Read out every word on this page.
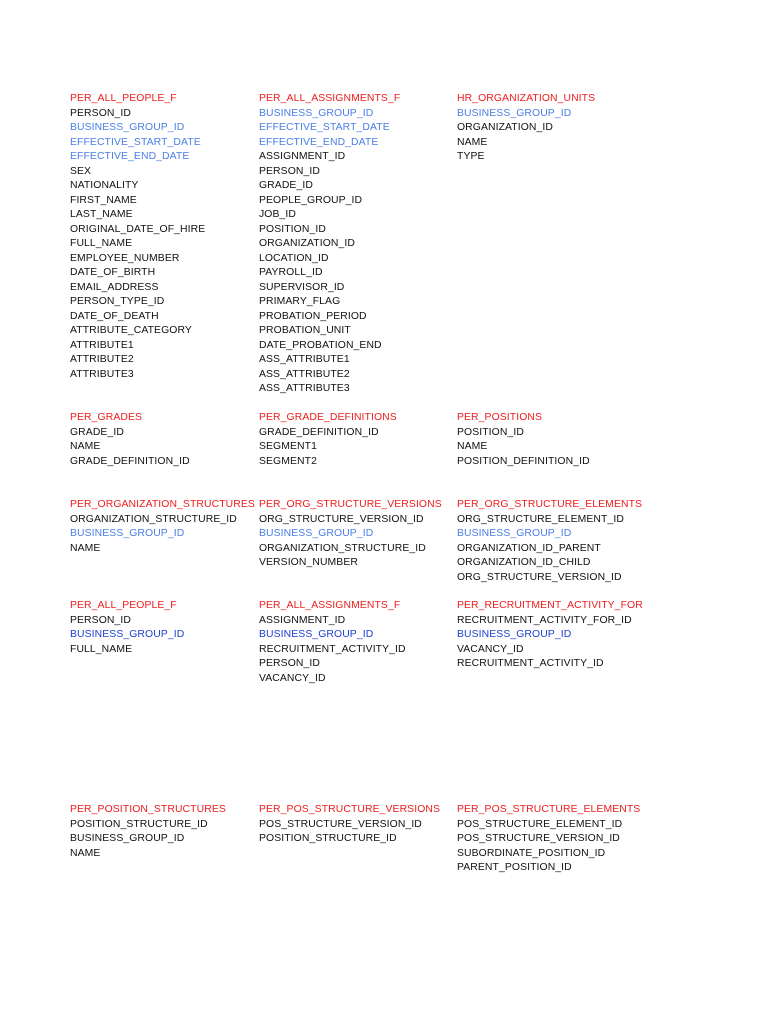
PER_ALL_PEOPLE_F
PERSON_ID
BUSINESS_GROUP_ID
EFFECTIVE_START_DATE
EFFECTIVE_END_DATE
SEX
NATIONALITY
FIRST_NAME
LAST_NAME
ORIGINAL_DATE_OF_HIRE
FULL_NAME
EMPLOYEE_NUMBER
DATE_OF_BIRTH
EMAIL_ADDRESS
PERSON_TYPE_ID
DATE_OF_DEATH
ATTRIBUTE_CATEGORY
ATTRIBUTE1
ATTRIBUTE2
ATTRIBUTE3
PER_ALL_ASSIGNMENTS_F
BUSINESS_GROUP_ID
EFFECTIVE_START_DATE
EFFECTIVE_END_DATE
ASSIGNMENT_ID
PERSON_ID
GRADE_ID
PEOPLE_GROUP_ID
JOB_ID
POSITION_ID
ORGANIZATION_ID
LOCATION_ID
PAYROLL_ID
SUPERVISOR_ID
PRIMARY_FLAG
PROBATION_PERIOD
PROBATION_UNIT
DATE_PROBATION_END
ASS_ATTRIBUTE1
ASS_ATTRIBUTE2
ASS_ATTRIBUTE3
HR_ORGANIZATION_UNITS
BUSINESS_GROUP_ID
ORGANIZATION_ID
NAME
TYPE
PER_GRADES
GRADE_ID
NAME
GRADE_DEFINITION_ID
PER_GRADE_DEFINITIONS
GRADE_DEFINITION_ID
SEGMENT1
SEGMENT2
PER_POSITIONS
POSITION_ID
NAME
POSITION_DEFINITION_ID
PER_ORGANIZATION_STRUCTURES
ORGANIZATION_STRUCTURE_ID
BUSINESS_GROUP_ID
NAME
PER_ORG_STRUCTURE_VERSIONS
ORG_STRUCTURE_VERSION_ID
BUSINESS_GROUP_ID
ORGANIZATION_STRUCTURE_ID
VERSION_NUMBER
PER_ORG_STRUCTURE_ELEMENTS
ORG_STRUCTURE_ELEMENT_ID
BUSINESS_GROUP_ID
ORGANIZATION_ID_PARENT
ORGANIZATION_ID_CHILD
ORG_STRUCTURE_VERSION_ID
PER_ALL_PEOPLE_F
PERSON_ID
BUSINESS_GROUP_ID
FULL_NAME
PER_ALL_ASSIGNMENTS_F
ASSIGNMENT_ID
BUSINESS_GROUP_ID
RECRUITMENT_ACTIVITY_ID
PERSON_ID
VACANCY_ID
PER_RECRUITMENT_ACTIVITY_FOR
RECRUITMENT_ACTIVITY_FOR_ID
BUSINESS_GROUP_ID
VACANCY_ID
RECRUITMENT_ACTIVITY_ID
PER_POSITION_STRUCTURES
POSITION_STRUCTURE_ID
BUSINESS_GROUP_ID
NAME
PER_POS_STRUCTURE_VERSIONS
POS_STRUCTURE_VERSION_ID
POSITION_STRUCTURE_ID
PER_POS_STRUCTURE_ELEMENTS
POS_STRUCTURE_ELEMENT_ID
POS_STRUCTURE_VERSION_ID
SUBORDINATE_POSITION_ID
PARENT_POSITION_ID
